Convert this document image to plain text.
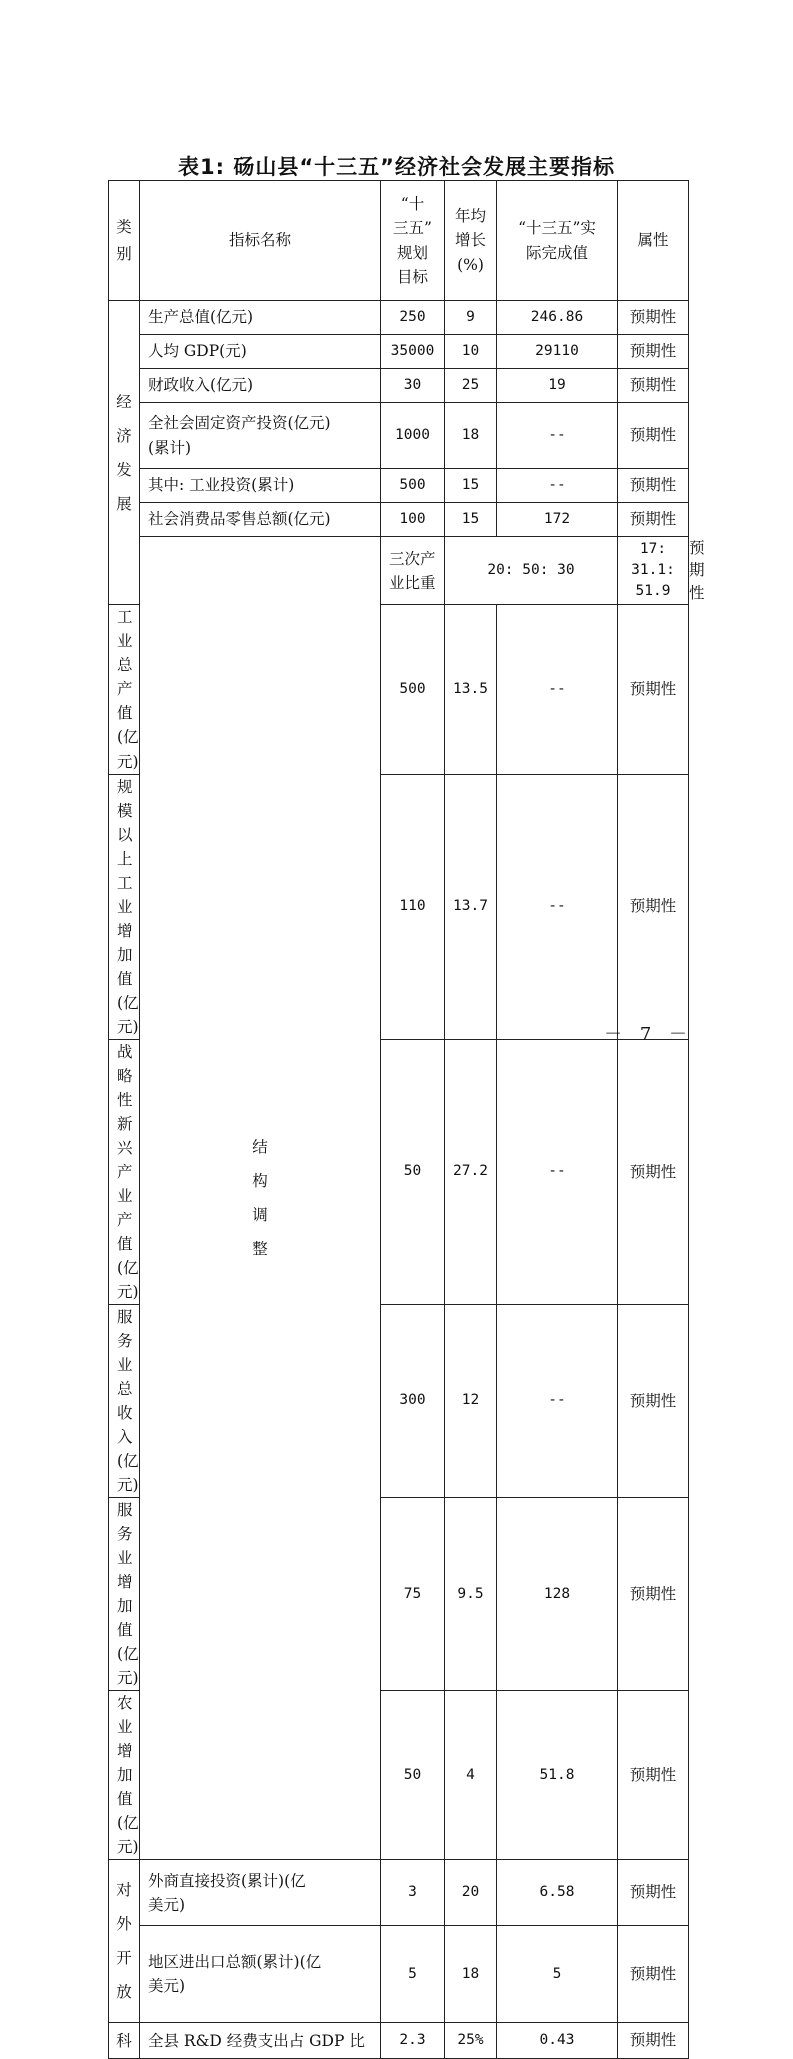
表1: 砀山县“十三五”经济社会发展主要指标
类
别	指标名称	“十
三五”
规划
目标	年均
增长
(%)	“十三五”实
际完成值	属性	

经
济
发
展	生产总值(亿元)	250	9	246.86	预期性	
	人均 GDP(元)	35000	10	29110	预期性	
	财政收入(亿元)	30	25	19	预期性	
	全社会固定资产投资(亿元)
(累计)	1000	18	--	预期性	
	其中: 工业投资(累计)	500	15	--	预期性	
	社会消费品零售总额(亿元)	100	15	172	预期性	

	结
构
调
整	三次产业比重	20: 50: 30		17: 31.1: 51.9	预期性
工业总产值(亿元)		500	13.5	--	预期性	
规模以上工业增加值(亿元)		110	13.7	--	预期性	
战略性新兴产业产值(亿元)		50	27.2	--	预期性	
服务业总收入(亿元)		300	12	--	预期性	
服务业增加值(亿元)		75	9.5	128	预期性	
农业增加值(亿元)		50	4	51.8	预期性	

对
外
开
放	外商直接投资(累计)(亿
美元)	3	20	6.58	预期性	
	地区进出口总额(累计)(亿
美元)	5	18	5	预期性	

科	全县 R&D 经费支出占 GDP 比	2.3	25%	0.43	预期性	
－ 7 －
